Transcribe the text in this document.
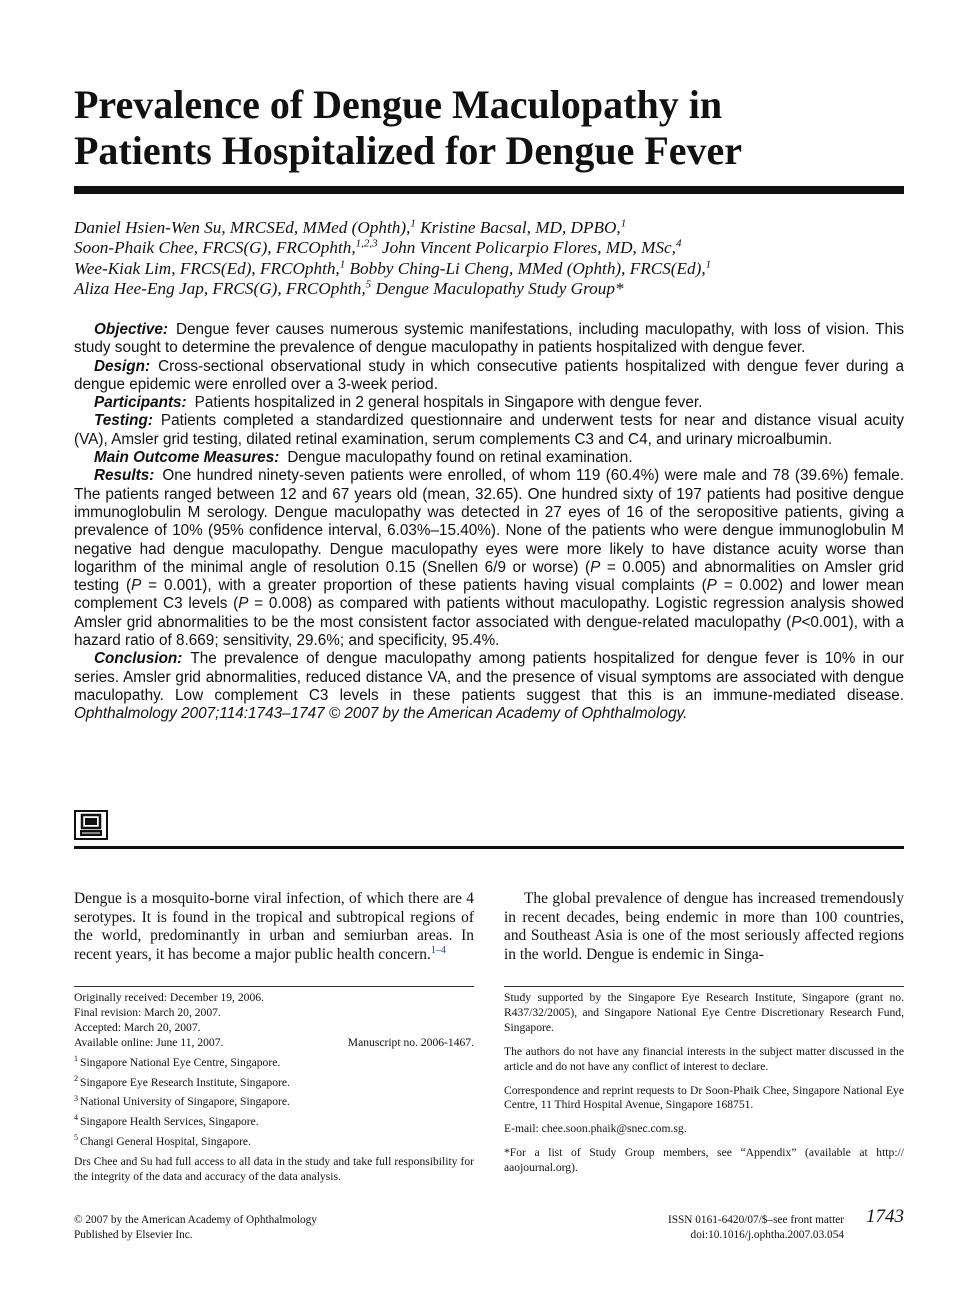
Prevalence of Dengue Maculopathy in
Patients Hospitalized for Dengue Fever
Daniel Hsien-Wen Su, MRCSEd, MMed (Ophth),$^1$ Kristine Bacsal, MD, DPBO,$^1$
Soon-Phaik Chee, FRCS(G), FRCOphth,$^{1,2,3}$ John Vincent Policarpio Flores, MD, MSc,$^4$
Wee-Kiak Lim, FRCS(Ed), FRCOphth,$^1$ Bobby Ching-Li Cheng, MMed (Ophth), FRCS(Ed),$^1$
Aliza Hee-Eng Jap, FRCS(G), FRCOphth,$^5$ Dengue Maculopathy Study Group*

Objective: Dengue fever causes numerous systemic manifestations, including maculopathy, with loss of vision. This study sought to determine the prevalence of dengue maculopathy in patients hospitalized with dengue fever.

Design: Cross-sectional observational study in which consecutive patients hospitalized with dengue fever during a dengue epidemic were enrolled over a 3-week period.

Participants: Patients hospitalized in 2 general hospitals in Singapore with dengue fever.

Testing: Patients completed a standardized questionnaire and underwent tests for near and distance visual acuity (VA), Amsler grid testing, dilated retinal examination, serum complements C3 and C4, and urinary microalbumin.

Main Outcome Measures: Dengue maculopathy found on retinal examination.

Results: One hundred ninety-seven patients were enrolled, of whom 119 (60.4%) were male and 78 (39.6%) female. The patients ranged between 12 and 67 years old (mean, 32.65). One hundred sixty of 197 patients had positive dengue immunoglobulin M serology. Dengue maculopathy was detected in 27 eyes of 16 of the seropositive patients, giving a prevalence of 10% (95% confidence interval, 6.03%–15.40%). None of the patients who were dengue immunoglobulin M negative had dengue maculopathy. Dengue maculopathy eyes were more likely to have distance acuity worse than logarithm of the minimal angle of resolution 0.15 (Snellen 6/9 or worse) (P = 0.005) and abnormalities on Amsler grid testing (P = 0.001), with a greater proportion of these patients having visual complaints (P = 0.002) and lower mean complement C3 levels (P = 0.008) as compared with patients without maculopathy. Logistic regression analysis showed Amsler grid abnormalities to be the most consistent factor associated with dengue-related maculopathy (P<0.001), with a hazard ratio of 8.669; sensitivity, 29.6%; and specificity, 95.4%.

Conclusion: The prevalence of dengue maculopathy among patients hospitalized for dengue fever is 10% in our series. Amsler grid abnormalities, reduced distance VA, and the presence of visual symptoms are associated with dengue maculopathy. Low complement C3 levels in these patients suggest that this is an immune-mediated disease. Ophthalmology 2007;114:1743–1747 © 2007 by the American Academy of Ophthalmology.

Dengue is a mosquito-borne viral infection, of which there are 4 serotypes. It is found in the tropical and subtropical regions of the world, predominantly in urban and semiurban areas. In recent years, it has become a major public health concern.$^{1-4}$

The global prevalence of dengue has increased tremendously in recent decades, being endemic in more than 100 countries, and Southeast Asia is one of the most seriously affected regions in the world. Dengue is endemic in Singa-

Originally received: December 19, 2006.
Final revision: March 20, 2007.
Accepted: March 20, 2007.
Available online: June 11, 2007.	Manuscript no. 2006-1467.
$^1$ Singapore National Eye Centre, Singapore.
$^2$ Singapore Eye Research Institute, Singapore.
$^3$ National University of Singapore, Singapore.
$^4$ Singapore Health Services, Singapore.
$^5$ Changi General Hospital, Singapore.

Drs Chee and Su had full access to all data in the study and take full responsibility for the integrity of the data and accuracy of the data analysis.

Study supported by the Singapore Eye Research Institute, Singapore (grant no. R437/32/2005), and Singapore National Eye Centre Discretionary Research Fund, Singapore.

The authors do not have any financial interests in the subject matter discussed in the article and do not have any conflict of interest to declare.

Correspondence and reprint requests to Dr Soon-Phaik Chee, Singapore National Eye Centre, 11 Third Hospital Avenue, Singapore 168751.

E-mail: chee.soon.phaik@snec.com.sg.

*For a list of Study Group members, see “Appendix” (available at http:// aaojournal.org).

© 2007 by the American Academy of Ophthalmology
Published by Elsevier Inc.
ISSN 0161-6420/07/$–see front matter
doi:10.1016/j.ophtha.2007.03.054
1743
